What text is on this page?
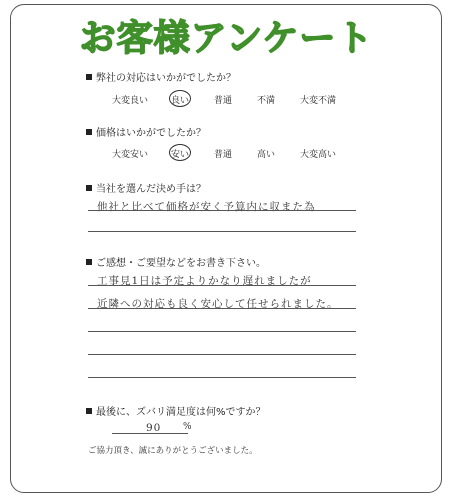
お客様アンケート
弊社の対応はいかがでしたか？
大変良い	良い	普通	不満	大変不満
価格はいかがでしたか？
大変安い	安い	普通	高い	大変高い
当社を選んだ決め手は？
他社と比べて価格が安く予算内に収また為
ご感想・ご要望などをお書き下さい。
工事見1日は予定よりかなり遅れましたが
近隣への対応も良く安心して任せられました。
最後に、ズバリ満足度は何%ですか？
90 %
ご協力頂き、誠にありがとうございました。
